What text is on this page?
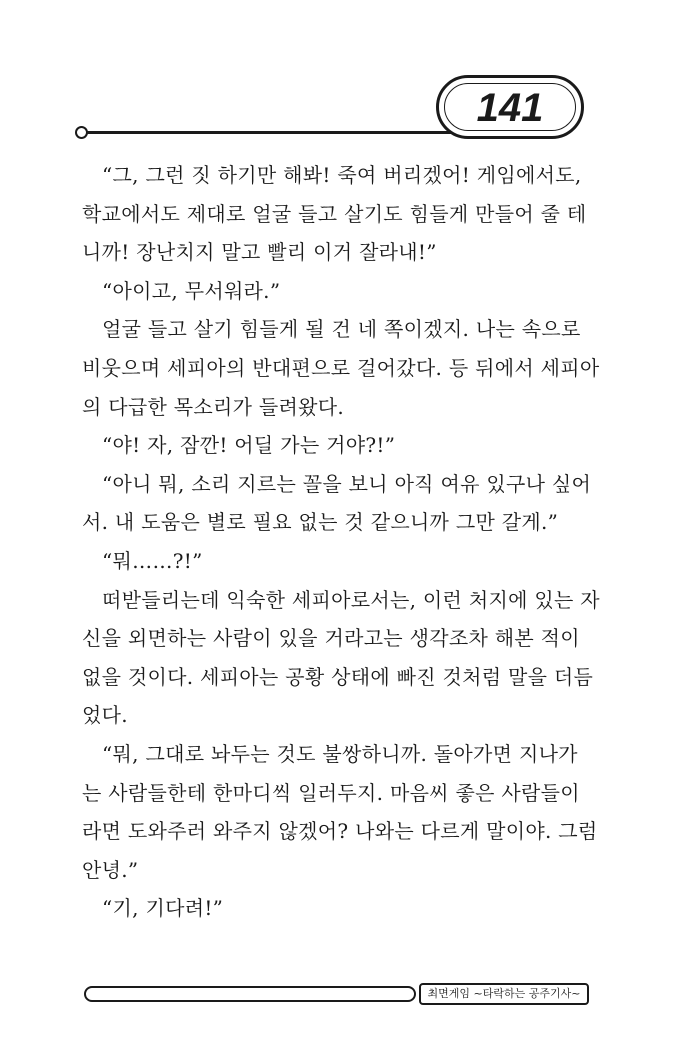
141
“그, 그런 짓 하기만 해봐! 죽여 버리겠어! 게임에서도,
학교에서도 제대로 얼굴 들고 살기도 힘들게 만들어 줄 테
니까! 장난치지 말고 빨리 이거 잘라내!”
“아이고, 무서워라.”
얼굴 들고 살기 힘들게 될 건 네 쪽이겠지. 나는 속으로
비웃으며 세피아의 반대편으로 걸어갔다. 등 뒤에서 세피아
의 다급한 목소리가 들려왔다.
“야! 자, 잠깐! 어딜 가는 거야?!”
“아니 뭐, 소리 지르는 꼴을 보니 아직 여유 있구나 싶어
서. 내 도움은 별로 필요 없는 것 같으니까 그만 갈게.”
“뭐……?!”
떠받들리는데 익숙한 세피아로서는, 이런 처지에 있는 자
신을 외면하는 사람이 있을 거라고는 생각조차 해본 적이
없을 것이다. 세피아는 공황 상태에 빠진 것처럼 말을 더듬
었다.
“뭐, 그대로 놔두는 것도 불쌍하니까. 돌아가면 지나가
는 사람들한테 한마디씩 일러두지. 마음씨 좋은 사람들이
라면 도와주러 와주지 않겠어? 나와는 다르게 말이야. 그럼
안녕.”
“기, 기다려!”
최면게임 ~타락하는 공주기사~
